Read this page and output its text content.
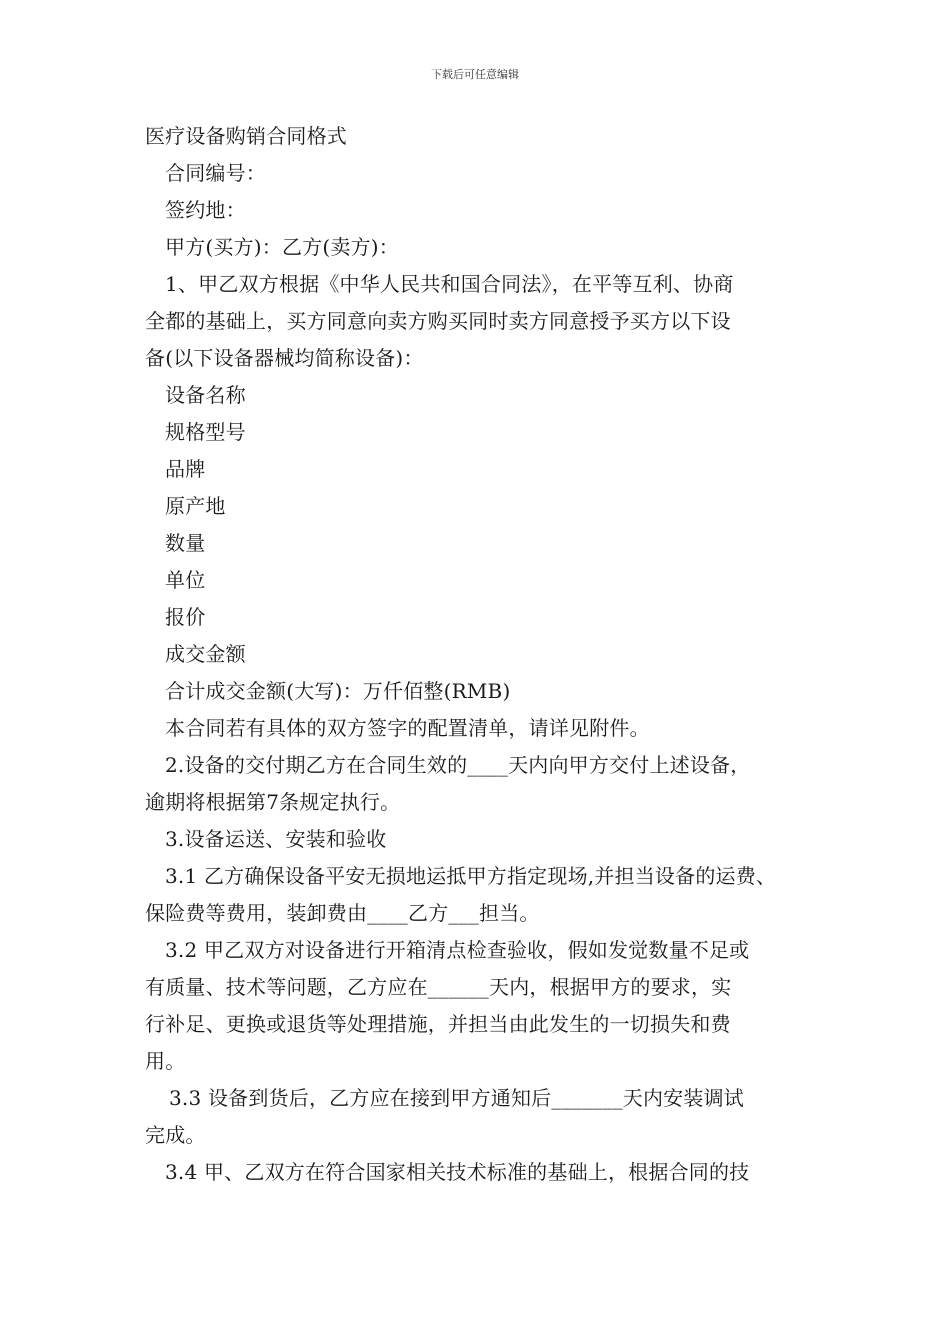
下载后可任意编辑
医疗设备购销合同格式
合同编号：
签约地：
甲方(买方)：乙方(卖方)：
1、甲乙双方根据《中华人民共和国合同法》，在平等互利、协商
全都的基础上，买方同意向卖方购买同时卖方同意授予买方以下设
备(以下设备器械均简称设备)：
设备名称
规格型号
品牌
原产地
数量
单位
报价
成交金额
合计成交金额(大写)：万仟佰整(RMB)
本合同若有具体的双方签字的配置清单，请详见附件。
2.设备的交付期乙方在合同生效的____天内向甲方交付上述设备，
逾期将根据第7条规定执行。
3.设备运送、安装和验收
3.1 乙方确保设备平安无损地运抵甲方指定现场,并担当设备的运费、
保险费等费用，装卸费由____乙方___担当。
3.2 甲乙双方对设备进行开箱清点检查验收，假如发觉数量不足或
有质量、技术等问题，乙方应在______天内，根据甲方的要求，实
行补足、更换或退货等处理措施，并担当由此发生的一切损失和费
用。
3.3 设备到货后，乙方应在接到甲方通知后_______天内安装调试
完成。
3.4 甲、乙双方在符合国家相关技术标准的基础上，根据合同的技
